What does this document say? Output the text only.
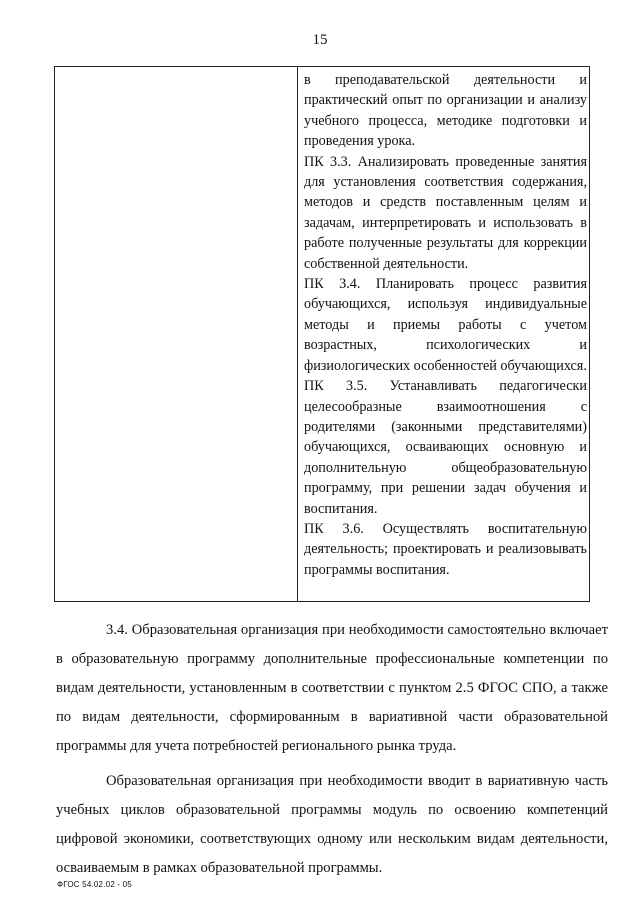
15

в преподавательской деятельности и практический опыт по организации и анализу учебного процесса, методике подготовки и проведения урока.

ПК 3.3. Анализировать проведенные занятия для установления соответствия содержания, методов и средств поставленным целям и задачам, интерпретировать и использовать в работе полученные результаты для коррекции собственной деятельности.

ПК 3.4. Планировать процесс развития обучающихся, используя индивидуальные методы и приемы работы с учетом возрастных, психологических и физиологических особенностей обучающихся.

ПК 3.5. Устанавливать педагогически целесообразные взаимоотношения с родителями (законными представителями) обучающихся, осваивающих основную и дополнительную общеобразовательную программу, при решении задач обучения и воспитания.

ПК 3.6. Осуществлять воспитательную деятельность; проектировать и реализовывать программы воспитания.

3.4. Образовательная организация при необходимости самостоятельно включает в образовательную программу дополнительные профессиональные компетенции по видам деятельности, установленным в соответствии с пунктом 2.5 ФГОС СПО, а также по видам деятельности, сформированным в вариативной части образовательной программы для учета потребностей регионального рынка труда.

Образовательная организация при необходимости вводит в вариативную часть учебных циклов образовательной программы модуль по освоению компетенций цифровой экономики, соответствующих одному или нескольким видам деятельности, осваиваемым в рамках образовательной программы.

ФГОС 54.02.02 - 05
